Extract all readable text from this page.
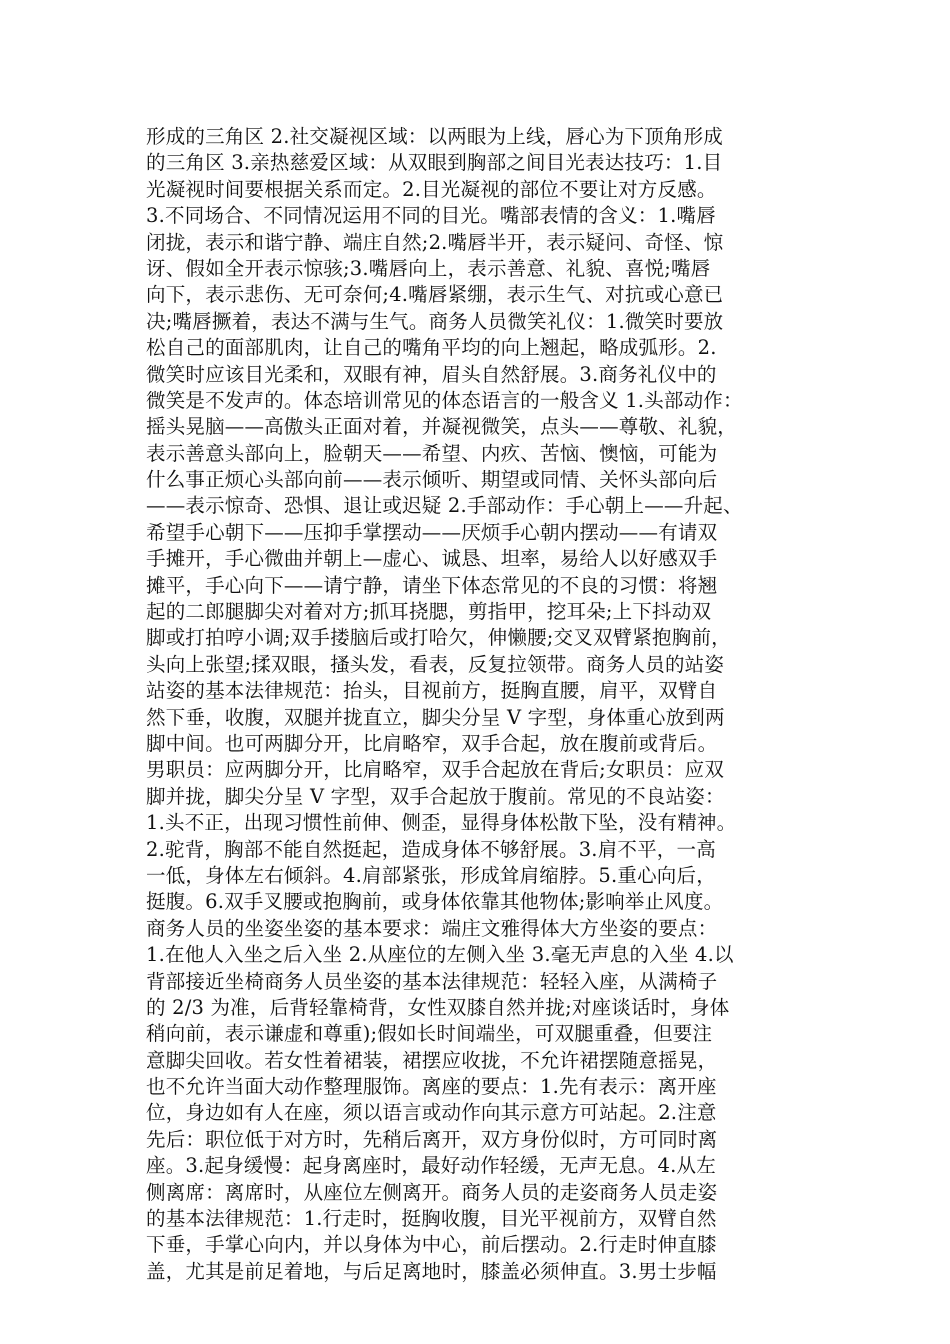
形成的三角区 2.社交凝视区域：以两眼为上线，唇心为下顶角形成
的三角区 3.亲热慈爱区域：从双眼到胸部之间目光表达技巧：1.目
光凝视时间要根据关系而定。2.目光凝视的部位不要让对方反感。
3.不同场合、不同情况运用不同的目光。嘴部表情的含义：1.嘴唇
闭拢，表示和谐宁静、端庄自然;2.嘴唇半开，表示疑问、奇怪、惊
讶、假如全开表示惊骇;3.嘴唇向上，表示善意、礼貌、喜悦;嘴唇
向下，表示悲伤、无可奈何;4.嘴唇紧绷，表示生气、对抗或心意已
决;嘴唇撅着，表达不满与生气。商务人员微笑礼仪：1.微笑时要放
松自己的面部肌肉，让自己的嘴角平均的向上翘起，略成弧形。2.
微笑时应该目光柔和，双眼有神，眉头自然舒展。3.商务礼仪中的
微笑是不发声的。体态培训常见的体态语言的一般含义 1.头部动作：
摇头晃脑——高傲头正面对着，并凝视微笑，点头——尊敬、礼貌，
表示善意头部向上，脸朝天——希望、内疚、苦恼、懊恼，可能为
什么事正烦心头部向前——表示倾听、期望或同情、关怀头部向后
——表示惊奇、恐惧、退让或迟疑 2.手部动作：手心朝上——升起、
希望手心朝下——压抑手掌摆动——厌烦手心朝内摆动——有请双
手摊开，手心微曲并朝上—虚心、诚恳、坦率，易给人以好感双手
摊平，手心向下——请宁静，请坐下体态常见的不良的习惯：将翘
起的二郎腿脚尖对着对方;抓耳挠腮，剪指甲，挖耳朵;上下抖动双
脚或打拍哼小调;双手搂脑后或打哈欠，伸懒腰;交叉双臂紧抱胸前，
头向上张望;揉双眼，搔头发，看表，反复拉领带。商务人员的站姿
站姿的基本法律规范：抬头，目视前方，挺胸直腰，肩平，双臂自
然下垂，收腹，双腿并拢直立，脚尖分呈 V 字型，身体重心放到两
脚中间。也可两脚分开，比肩略窄，双手合起，放在腹前或背后。
男职员：应两脚分开，比肩略窄，双手合起放在背后;女职员：应双
脚并拢，脚尖分呈 V 字型，双手合起放于腹前。常见的不良站姿：
1.头不正，出现习惯性前伸、侧歪，显得身体松散下坠，没有精神。
2.驼背，胸部不能自然挺起，造成身体不够舒展。3.肩不平，一高
一低，身体左右倾斜。4.肩部紧张，形成耸肩缩脖。5.重心向后，
挺腹。6.双手叉腰或抱胸前，或身体依靠其他物体;影响举止风度。
商务人员的坐姿坐姿的基本要求：端庄文雅得体大方坐姿的要点：
1.在他人入坐之后入坐 2.从座位的左侧入坐 3.毫无声息的入坐 4.以
背部接近坐椅商务人员坐姿的基本法律规范：轻轻入座，从满椅子
的 2/3 为准，后背轻靠椅背，女性双膝自然并拢;对座谈话时，身体
稍向前，表示谦虚和尊重);假如长时间端坐，可双腿重叠，但要注
意脚尖回收。若女性着裙装，裙摆应收拢，不允许裙摆随意摇晃，
也不允许当面大动作整理服饰。离座的要点：1.先有表示：离开座
位，身边如有人在座，须以语言或动作向其示意方可站起。2.注意
先后：职位低于对方时，先稍后离开，双方身份似时，方可同时离
座。3.起身缓慢：起身离座时，最好动作轻缓，无声无息。4.从左
侧离席：离席时，从座位左侧离开。商务人员的走姿商务人员走姿
的基本法律规范：1.行走时，挺胸收腹，目光平视前方，双臂自然
下垂，手掌心向内，并以身体为中心，前后摆动。2.行走时伸直膝
盖，尤其是前足着地，与后足离地时，膝盖必须伸直。3.男士步幅
